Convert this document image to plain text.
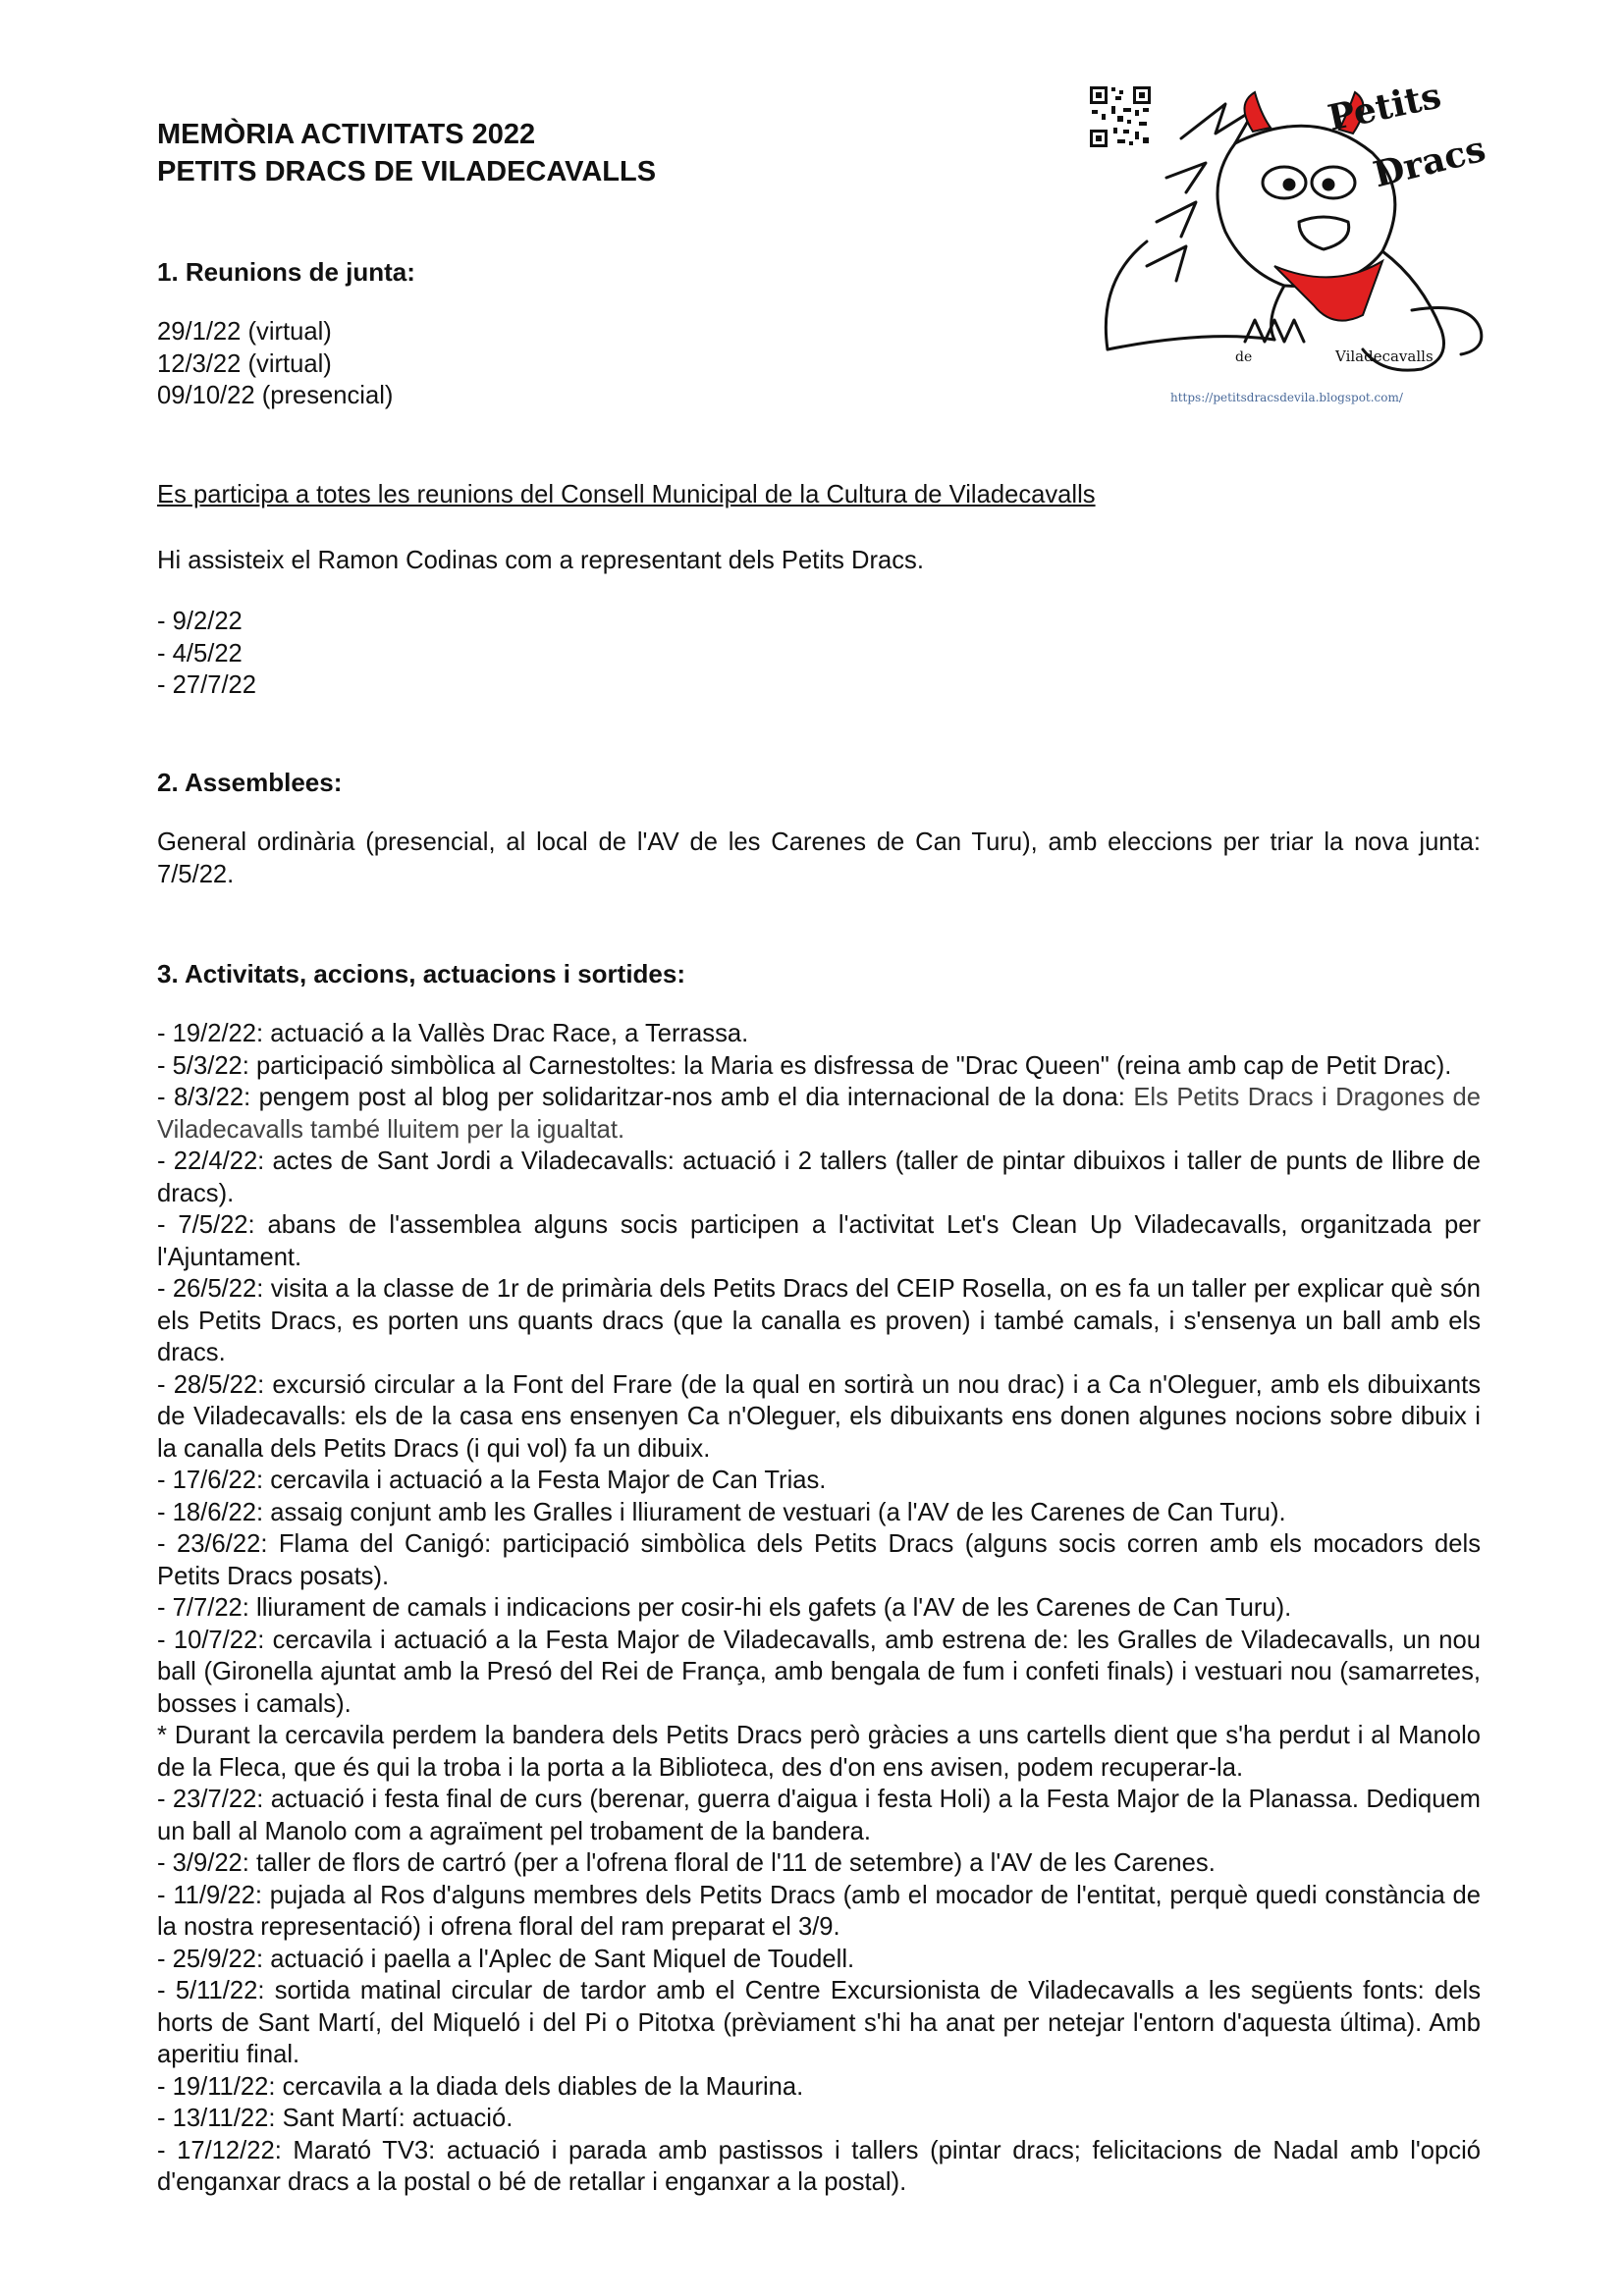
MEMÒRIA ACTIVITATS 2022
PETITS DRACS DE VILADECAVALLS

1. Reunions de junta:

29/1/22 (virtual)

12/3/22 (virtual)

09/10/22 (presencial)

Es participa a totes les reunions del Consell Municipal de la Cultura de Viladecavalls

Hi assisteix el Ramon Codinas com a representant dels Petits Dracs.

- 9/2/22

- 4/5/22

- 27/7/22

2. Assemblees:

General ordinària (presencial, al local de l'AV de les Carenes de Can Turu), amb eleccions per triar la nova junta: 7/5/22.

3. Activitats, accions, actuacions i sortides:

- 19/2/22: actuació a la Vallès Drac Race, a Terrassa.

- 5/3/22: participació simbòlica al Carnestoltes: la Maria es disfressa de "Drac Queen" (reina amb cap de Petit Drac).

- 8/3/22: pengem post al blog per solidaritzar-nos amb el dia internacional de la dona: Els Petits Dracs i Dragones de Viladecavalls també lluitem per la igualtat.

- 22/4/22: actes de Sant Jordi a Viladecavalls: actuació i 2 tallers (taller de pintar dibuixos i taller de punts de llibre de dracs).

- 7/5/22: abans de l'assemblea alguns socis participen a l'activitat Let's Clean Up Viladecavalls, organitzada per l'Ajuntament.

- 26/5/22: visita a la classe de 1r de primària dels Petits Dracs del CEIP Rosella, on es fa un taller per explicar què són els Petits Dracs, es porten uns quants dracs (que la canalla es proven) i també camals, i s'ensenya un ball amb els dracs.

- 28/5/22: excursió circular a la Font del Frare (de la qual en sortirà un nou drac) i a Ca n'Oleguer, amb els dibuixants de Viladecavalls: els de la casa ens ensenyen Ca n'Oleguer, els dibuixants ens donen algunes nocions sobre dibuix i la canalla dels Petits Dracs (i qui vol) fa un dibuix.

- 17/6/22: cercavila i actuació a la Festa Major de Can Trias.

- 18/6/22: assaig conjunt amb les Gralles i lliurament de vestuari (a l'AV de les Carenes de Can Turu).

- 23/6/22: Flama del Canigó: participació simbòlica dels Petits Dracs (alguns socis corren amb els mocadors dels Petits Dracs posats).

- 7/7/22: lliurament de camals i indicacions per cosir-hi els gafets (a l'AV de les Carenes de Can Turu).

- 10/7/22: cercavila i actuació a la Festa Major de Viladecavalls, amb estrena de: les Gralles de Viladecavalls, un nou ball (Gironella ajuntat amb la Presó del Rei de França, amb bengala de fum i confeti finals) i vestuari nou (samarretes, bosses i camals).

* Durant la cercavila perdem la bandera dels Petits Dracs però gràcies a uns cartells dient que s'ha perdut i al Manolo de la Fleca, que és qui la troba i la porta a la Biblioteca, des d'on ens avisen, podem recuperar-la.

- 23/7/22: actuació i festa final de curs (berenar, guerra d'aigua i festa Holi) a la Festa Major de la Planassa. Dediquem un ball al Manolo com a agraïment pel trobament de la bandera.

- 3/9/22: taller de flors de cartró (per a l'ofrena floral de l'11 de setembre) a l'AV de les Carenes.

- 11/9/22: pujada al Ros d'alguns membres dels Petits Dracs (amb el mocador de l'entitat, perquè quedi constància de la nostra representació) i ofrena floral del ram preparat el 3/9.

- 25/9/22: actuació i paella a l'Aplec de Sant Miquel de Toudell.

- 5/11/22: sortida matinal circular de tardor amb el Centre Excursionista de Viladecavalls a les següents fonts: dels horts de Sant Martí, del Miqueló i del Pi o Pitotxa (prèviament s'hi ha anat per netejar l'entorn d'aquesta última). Amb aperitiu final.

- 19/11/22: cercavila a la diada dels diables de la Maurina.

- 13/11/22: Sant Martí: actuació.

- 17/12/22: Marató TV3: actuació i parada amb pastissos i tallers (pintar dracs; felicitacions de Nadal amb l'opció d'enganxar dracs a la postal o bé de retallar i enganxar a la postal).

Petits
Dracs
de	Viladecavalls
https://petitsdracsdevila.blogspot.com/
